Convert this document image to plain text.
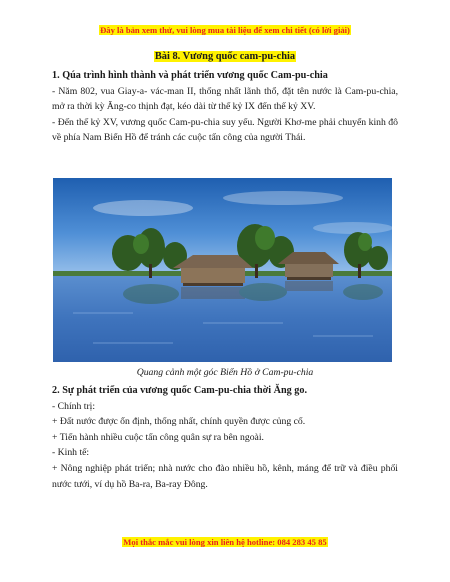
Đây là bản xem thử, vui lòng mua tài liệu để xem chi tiết (có lời giải)
Bài 8. Vương quốc cam-pu-chia
1. Qúa trình hình thành và phát triển vương quốc Cam-pu-chia
- Năm 802, vua Giay-a- vác-man II, thống nhất lãnh thổ, đặt tên nước là Cam-pu-chia, mở ra thời kỳ Ăng-co thịnh đạt, kéo dài từ thế kỷ IX đến thế kỷ XV.
- Đến thế kỷ XV, vương quốc Cam-pu-chia suy yếu. Người Khơ-me phải chuyển kinh đô về phía Nam Biển Hồ để tránh các cuộc tấn công của người Thái.
Quang cảnh một góc Biển Hồ ở Cam-pu-chia
2. Sự phát triển của vương quốc Cam-pu-chia thời Ăng go.
- Chính trị:
+ Đất nước được ổn định, thống nhất, chính quyền được củng cố.
+ Tiến hành nhiều cuộc tấn công quân sự ra bên ngoài.
- Kinh tế:
+ Nông nghiệp phát triển; nhà nước cho đào nhiều hồ, kênh, máng để trữ và điều phối nước tưới, ví dụ hồ Ba-ra, Ba-ray Đông.
Mọi thắc mắc vui lòng xin liên hệ hotline: 084 283 45 85
